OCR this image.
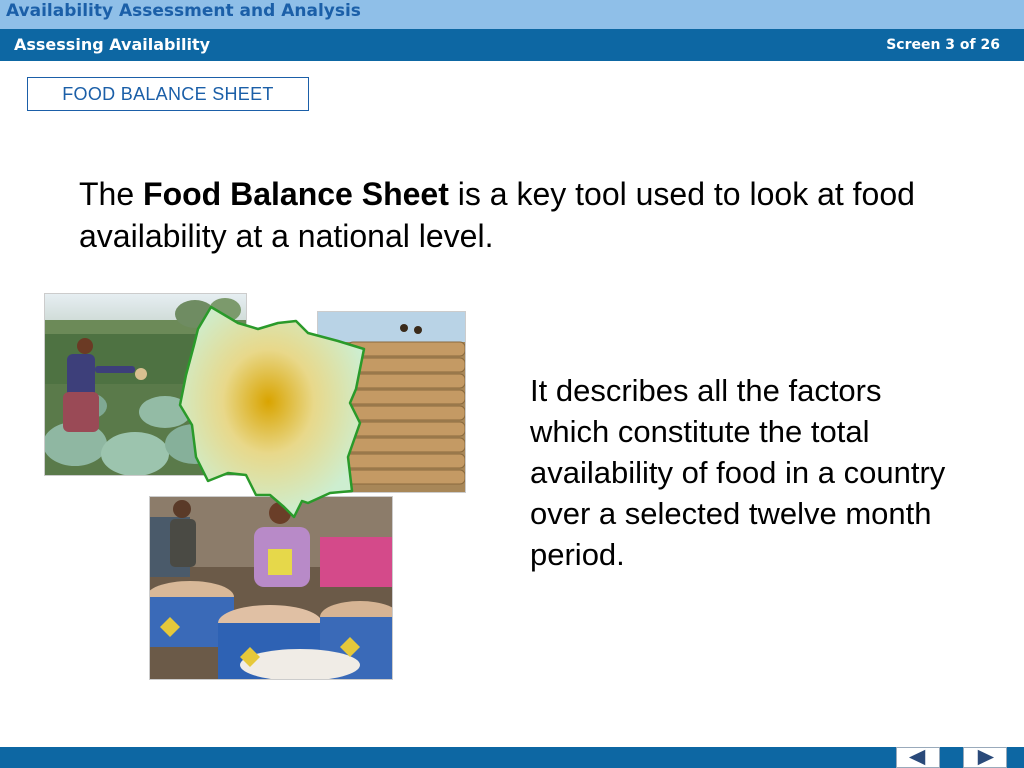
Availability Assessment and Analysis
Assessing Availability	Screen 3 of 26
FOOD BALANCE SHEET
The Food Balance Sheet is a key tool used to look at food availability at a national level.
It describes all the factors which constitute the total availability of food in a country over a selected twelve month period.
